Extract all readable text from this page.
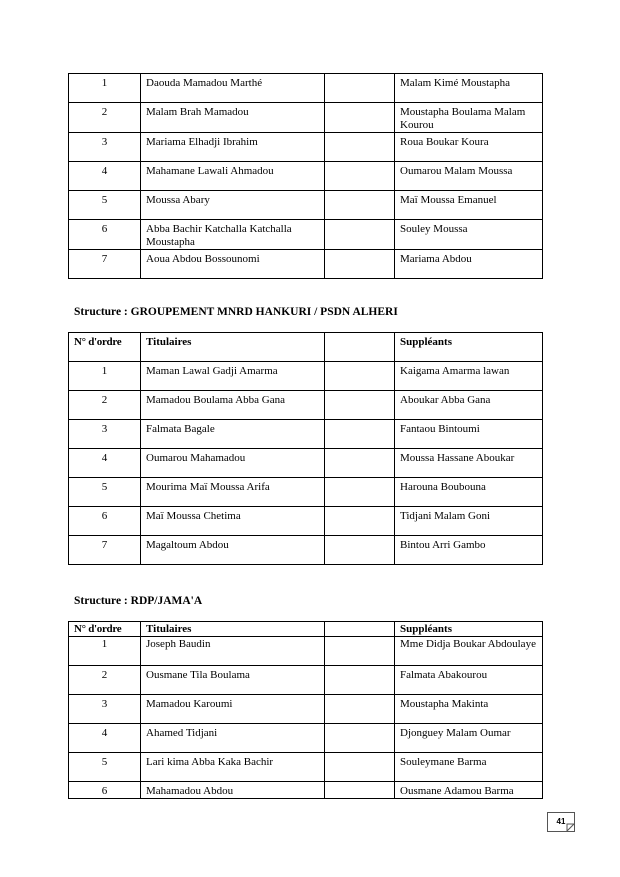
1	Daouda Mamadou Marthé		Malam Kimé Moustapha
2	Malam Brah Mamadou		Moustapha Boulama Malam Kourou
3	Mariama Elhadji Ibrahim		Roua Boukar Koura
4	Mahamane Lawali Ahmadou		Oumarou Malam Moussa
5	Moussa Abary		Maï Moussa Emanuel
6	Abba Bachir Katchalla Katchalla Moustapha		Souley Moussa
7	Aoua Abdou Bossounomi		Mariama Abdou
Structure : GROUPEMENT MNRD HANKURI / PSDN ALHERI
N° d'ordre	Titulaires		Suppléants
1	Maman Lawal Gadji Amarma		Kaigama Amarma lawan
2	Mamadou Boulama Abba Gana		Aboukar Abba Gana
3	Falmata Bagale		Fantaou Bintoumi
4	Oumarou Mahamadou		Moussa Hassane Aboukar
5	Mourima Maï Moussa Arifa		Harouna Boubouna
6	Maï Moussa Chetima		Tidjani Malam Goni
7	Magaltoum Abdou		Bintou Arri Gambo
Structure : RDP/JAMA'A
N° d'ordre	Titulaires		Suppléants
1	Joseph Baudin		Mme Didja Boukar Abdoulaye
2	Ousmane Tila Boulama		Falmata Abakourou
3	Mamadou Karoumi		Moustapha Makinta
4	Ahamed Tidjani		Djonguey Malam Oumar
5	Lari kima Abba Kaka Bachir		Souleymane Barma
6	Mahamadou Abdou		Ousmane Adamou Barma
41
